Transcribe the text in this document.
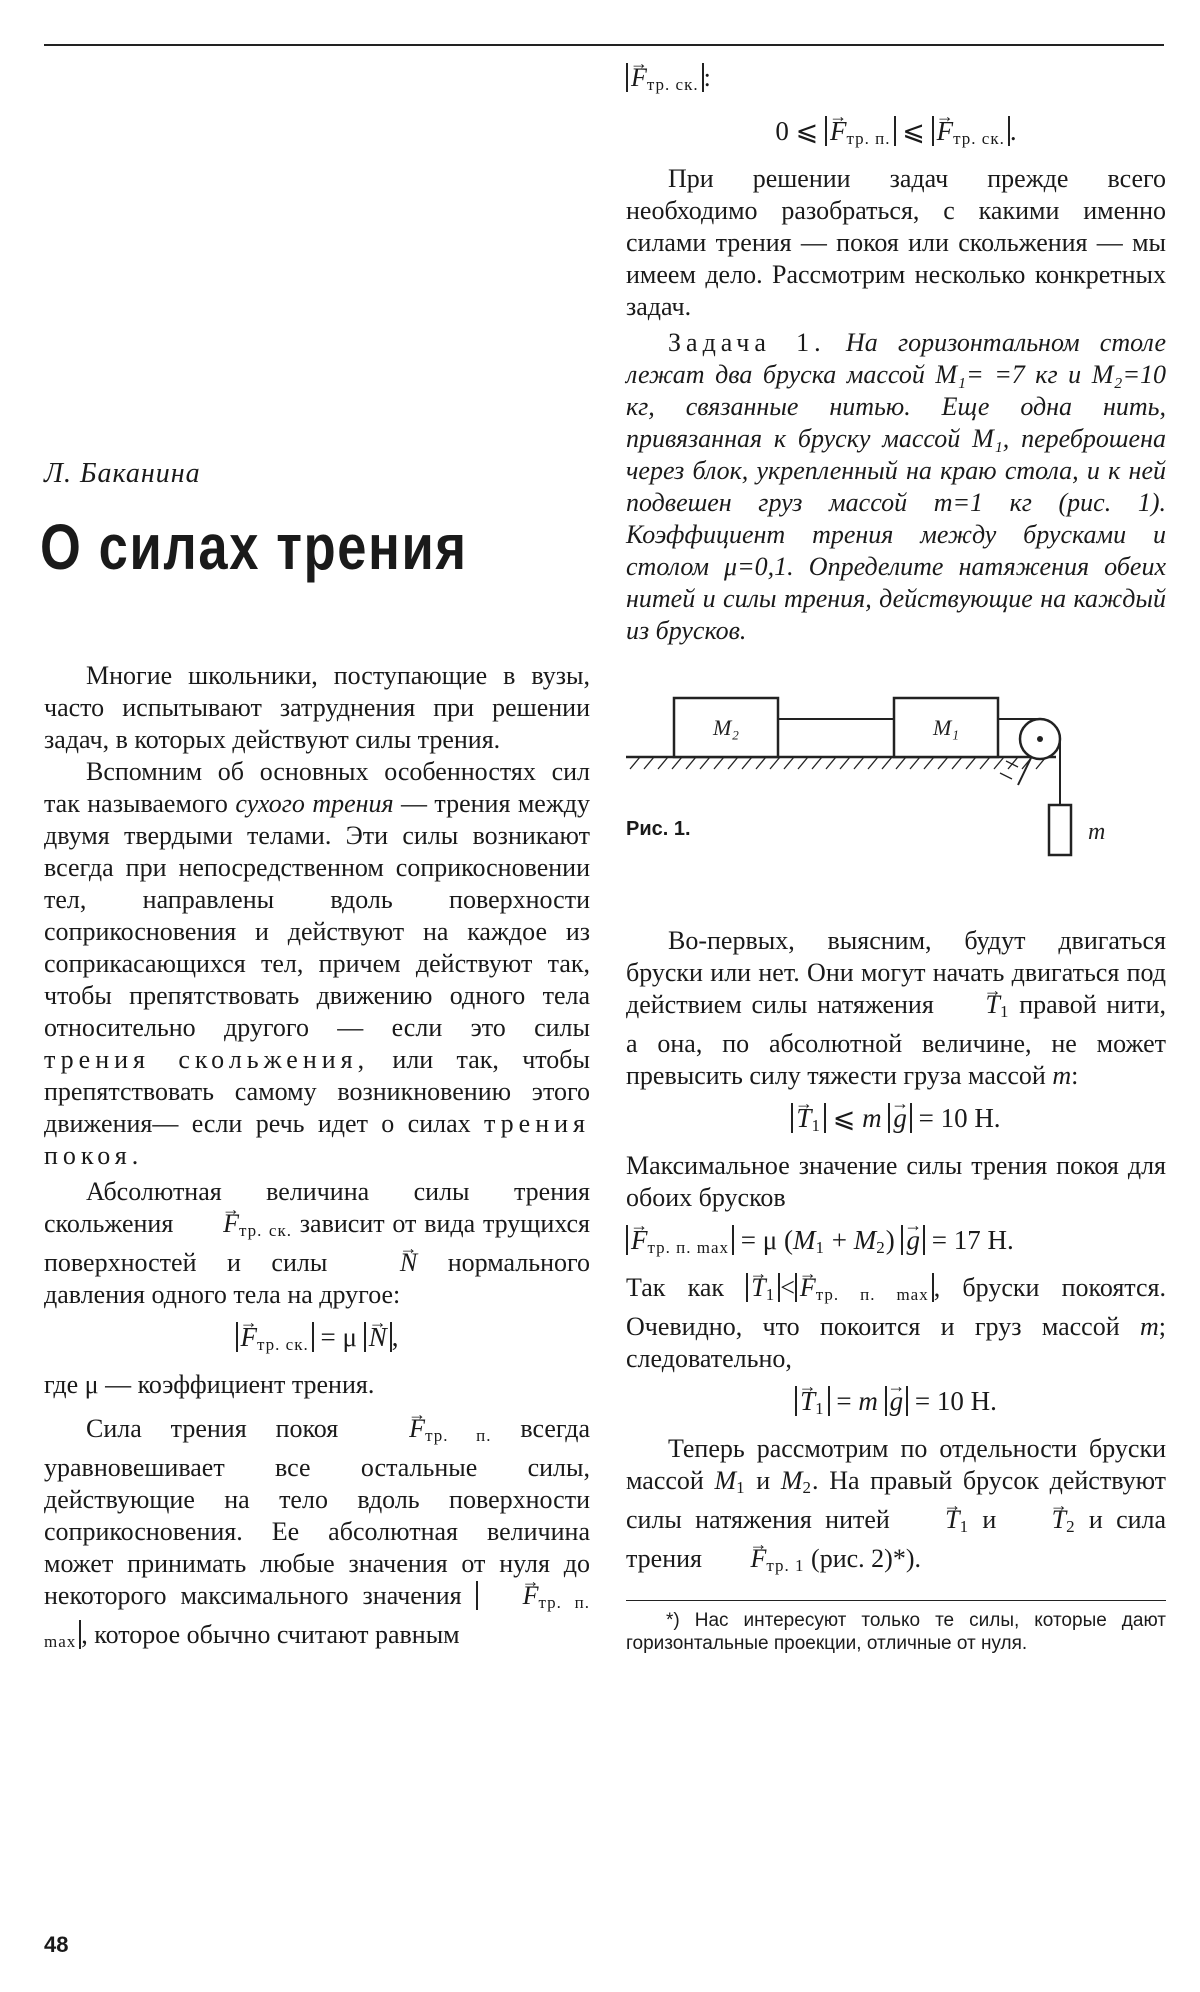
Л. Баканина
О силах трения

Многие школьники, поступающие в вузы, часто испытывают затруднения при решении задач, в которых действуют силы трения.

Вспомним об основных особенностях сил так называемого сухого трения — трения между двумя твердыми телами. Эти силы возникают всегда при непосредственном соприкосновении тел, направлены вдоль поверхности соприкосновения и действуют на каждое из соприкасающихся тел, причем действуют так, чтобы препятствовать движению одного тела относительно другого — если это силы трения скольжения, или так, чтобы препятствовать самому возникновению этого движения— если речь идет о силах трения покоя.

Абсолютная величина силы трения скольжения → $F_{тр. ск.}$ зависит от вида трущихся поверхностей и силы →	N нормального давления одного тела на другое:

→ $F_{тр. ск.} = \mu \to N$ ,

где μ — коэффициент трения.

Сила трения покоя →	$F_{тр. п.}$ всегда уравновешивает все остальные силы, действующие на тело вдоль поверхности соприкосновения. Ее абсолютная величина может принимать любые значения от нуля до некоторого максимального значения → $F_{тр. п. max}$ , которое обычно считают равным

→ $F_{тр. ск.}$ :

0 ⩽ → $F_{тр. п.}$ ⩽ → $F_{тр. ск.}$ .

При решении задач прежде всего необходимо разобраться, с какими именно силами трения — покоя или скольжения — мы имеем дело. Рассмотрим несколько конкретных задач.

Задача 1. На горизонтальном столе лежат два бруска массой M₁= =7 кг и M₂=10 кг, связанные нитью. Еще одна нить, привязанная к бруску массой M₁, переброшена через блок, укрепленный на краю стола, и к ней подвешен груз массой m=1 кг (рис. 1). Коэффициент трения между брусками и столом μ=0,1. Определите натяжения обеих нитей и силы трения, действующие на каждый из брусков.

M₂	M₁
m
Рис. 1.

Во-первых, выясним, будут двигаться бруски или нет. Они могут начать двигаться под действием силы натяжения → $T_1$ правой нити, а она, по абсолютной величине, не может превысить силу тяжести груза массой m:

→ $T_1$ ⩽ m → g = 10 Н.

Максимальное значение силы трения покоя для обоих брусков

→ $F_{тр. п. max} = \mu$ $(M_1 + M_2) \to g = 17$ Н.

Так как → $T_1 <\to F_{тр. п. max}$ , бруски покоятся. Очевидно, что покоится и груз массой m; следовательно,

→ $T_1 = m \to g = 10$ Н.

Теперь рассмотрим по отдельности бруски массой $M_1$ и $M_2$. На правый брусок действуют силы натяжения нитей → $T_1$ $и \to T_2$ и сила трения → $F_{тр. 1}$ (рис. 2)*).

*) Нас интересуют только те силы, которые дают горизонтальные проекции, отличные от нуля.

48
